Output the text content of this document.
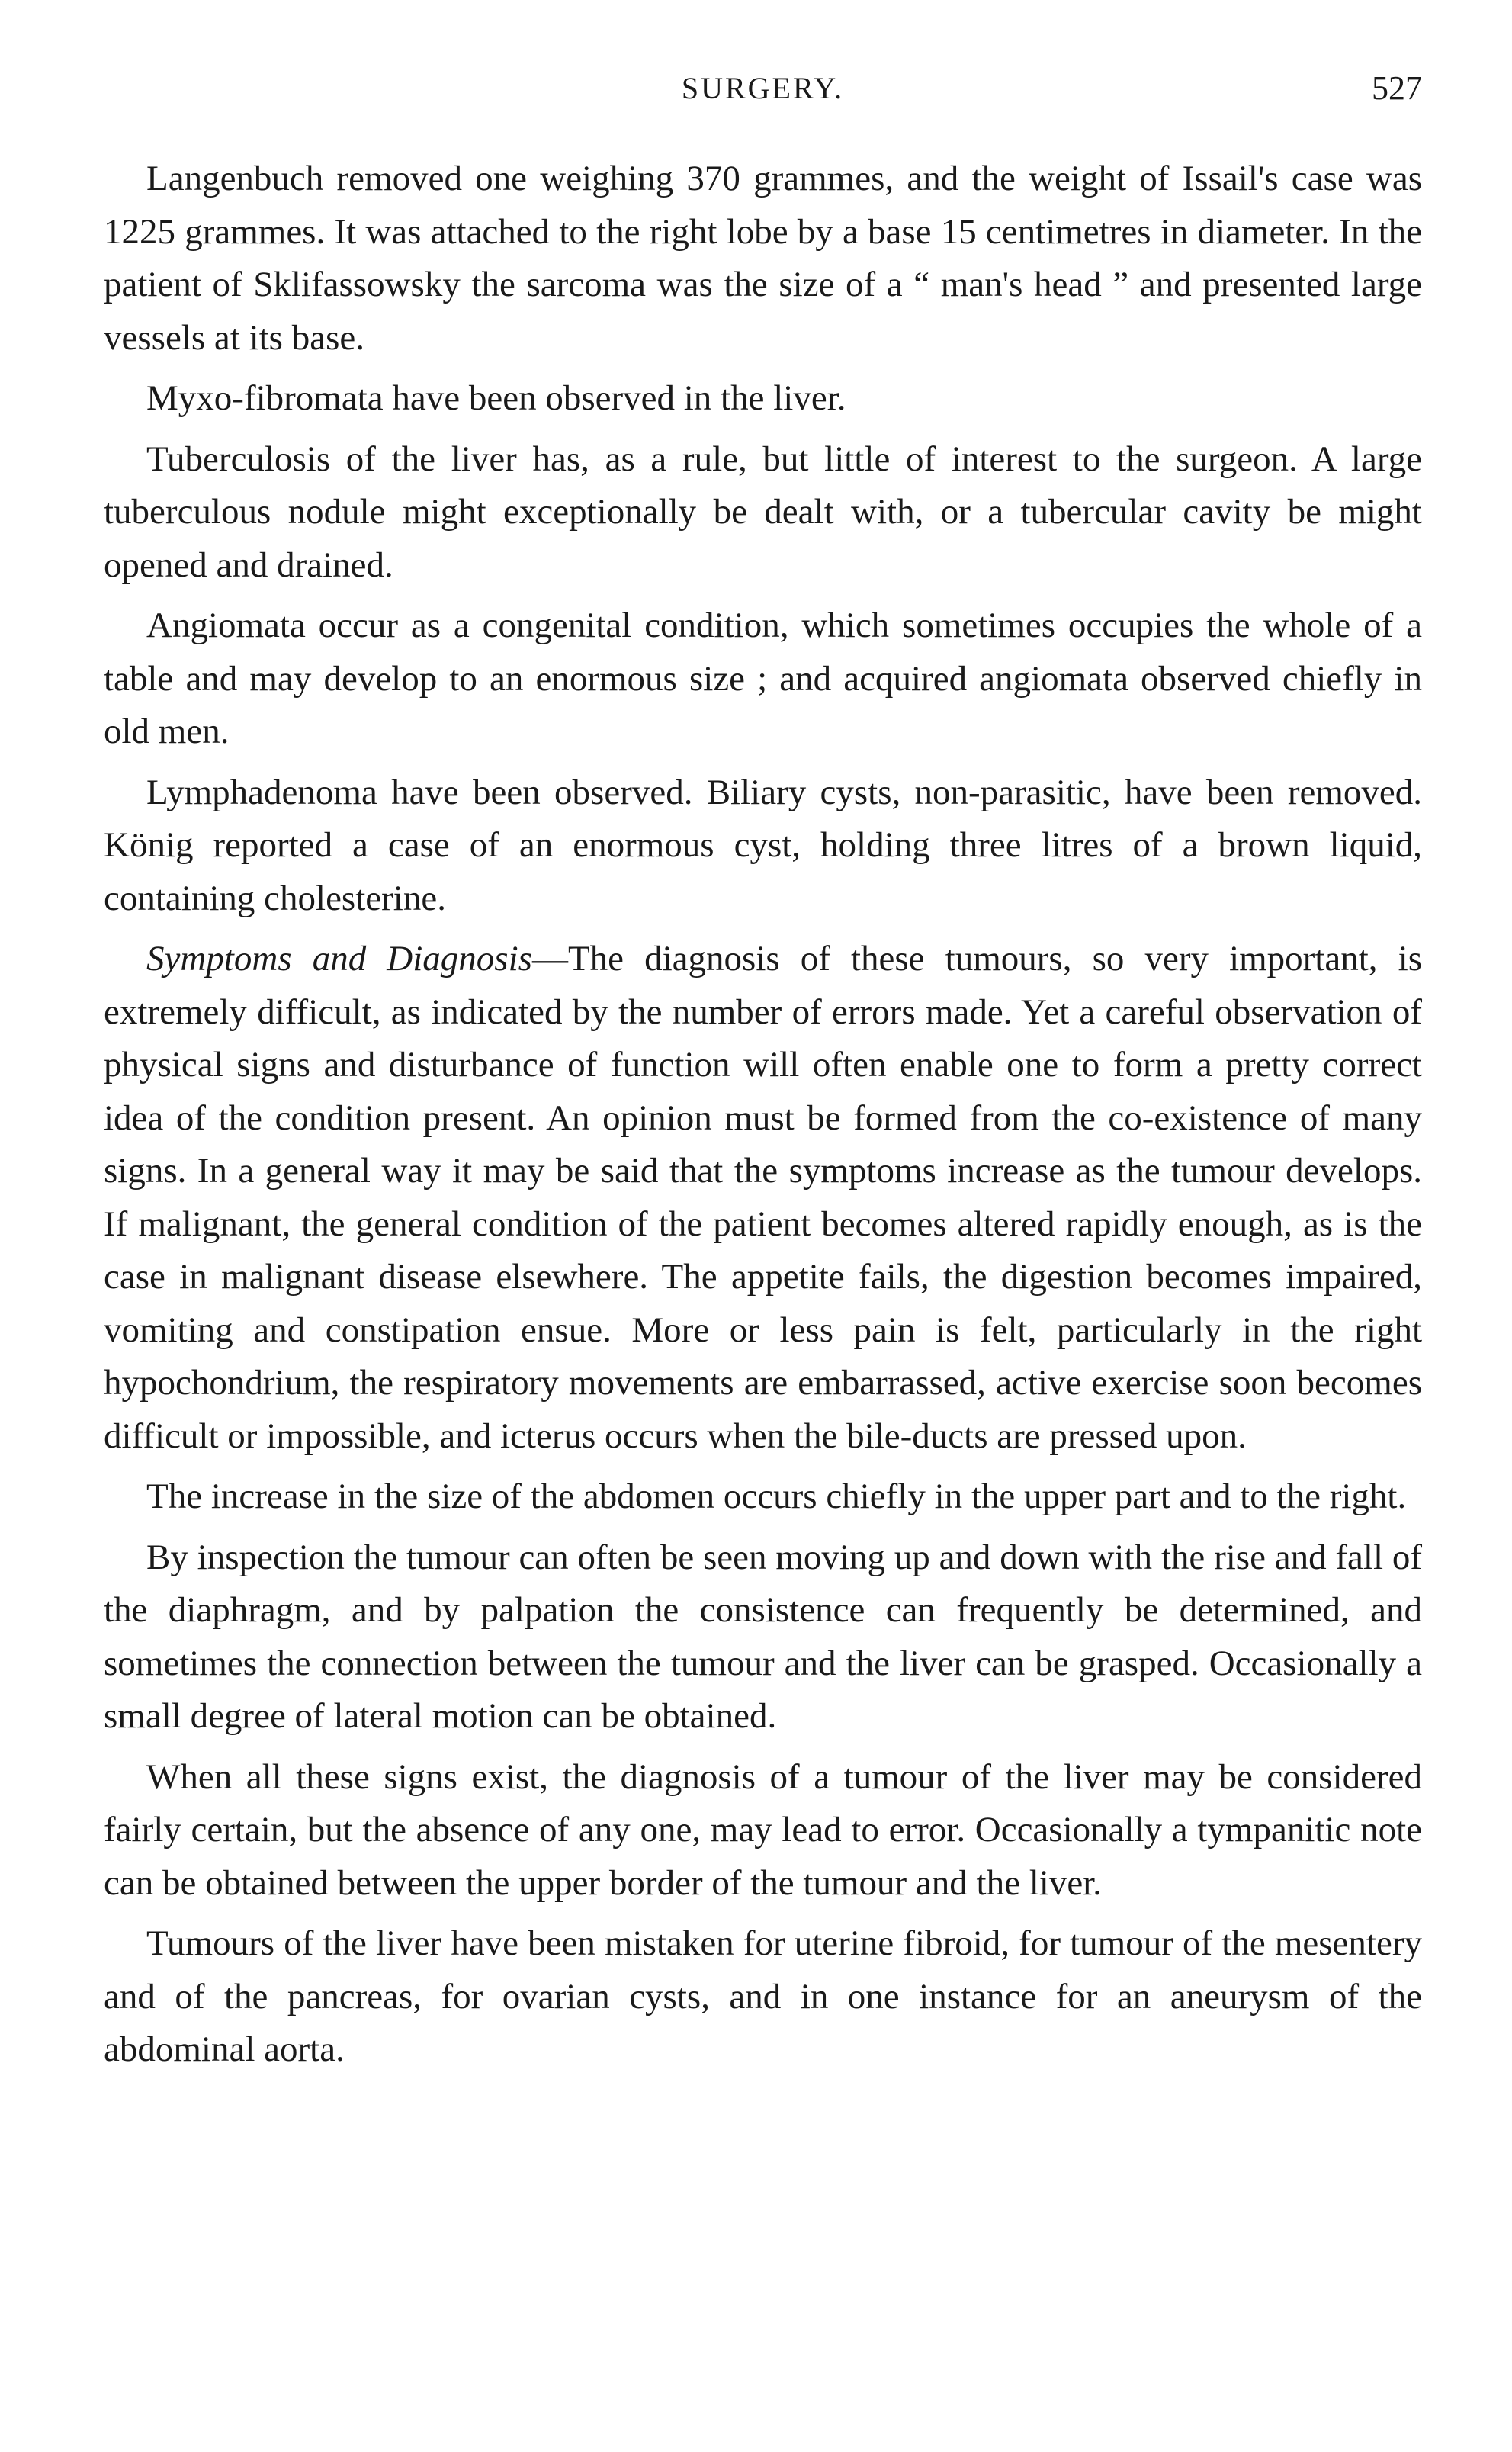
SURGERY.	527

Langenbuch removed one weighing 370 grammes, and the weight of Issail's case was 1225 grammes. It was attached to the right lobe by a base 15 centimetres in diameter. In the patient of Sklifassowsky the sarcoma was the size of a “ man's head ” and presented large vessels at its base.

Myxo-fibromata have been observed in the liver.

Tuberculosis of the liver has, as a rule, but little of interest to the surgeon. A large tuberculous nodule might exceptionally be dealt with, or a tubercular cavity be might opened and drained.

Angiomata occur as a congenital condition, which sometimes occupies the whole of a table and may develop to an enormous size ; and acquired angiomata observed chiefly in old men.

Lymphadenoma have been observed. Biliary cysts, non-parasitic, have been removed. König reported a case of an enormous cyst, holding three litres of a brown liquid, containing cholesterine.

Symptoms and Diagnosis—The diagnosis of these tumours, so very important, is extremely difficult, as indicated by the number of errors made. Yet a careful observation of physical signs and disturbance of function will often enable one to form a pretty correct idea of the condition present. An opinion must be formed from the co-existence of many signs. In a general way it may be said that the symptoms increase as the tumour develops. If malignant, the general condition of the patient becomes altered rapidly enough, as is the case in malignant disease elsewhere. The appetite fails, the digestion becomes impaired, vomiting and constipation ensue. More or less pain is felt, particularly in the right hypochondrium, the respiratory movements are embarrassed, active exercise soon becomes difficult or impossible, and icterus occurs when the bile-ducts are pressed upon.

The increase in the size of the abdomen occurs chiefly in the upper part and to the right.

By inspection the tumour can often be seen moving up and down with the rise and fall of the diaphragm, and by palpation the consistence can frequently be determined, and sometimes the connection between the tumour and the liver can be grasped. Occasionally a small degree of lateral motion can be obtained.

When all these signs exist, the diagnosis of a tumour of the liver may be considered fairly certain, but the absence of any one, may lead to error. Occasionally a tympanitic note can be obtained between the upper border of the tumour and the liver.

Tumours of the liver have been mistaken for uterine fibroid, for tumour of the mesentery and of the pancreas, for ovarian cysts, and in one instance for an aneurysm of the abdominal aorta.
